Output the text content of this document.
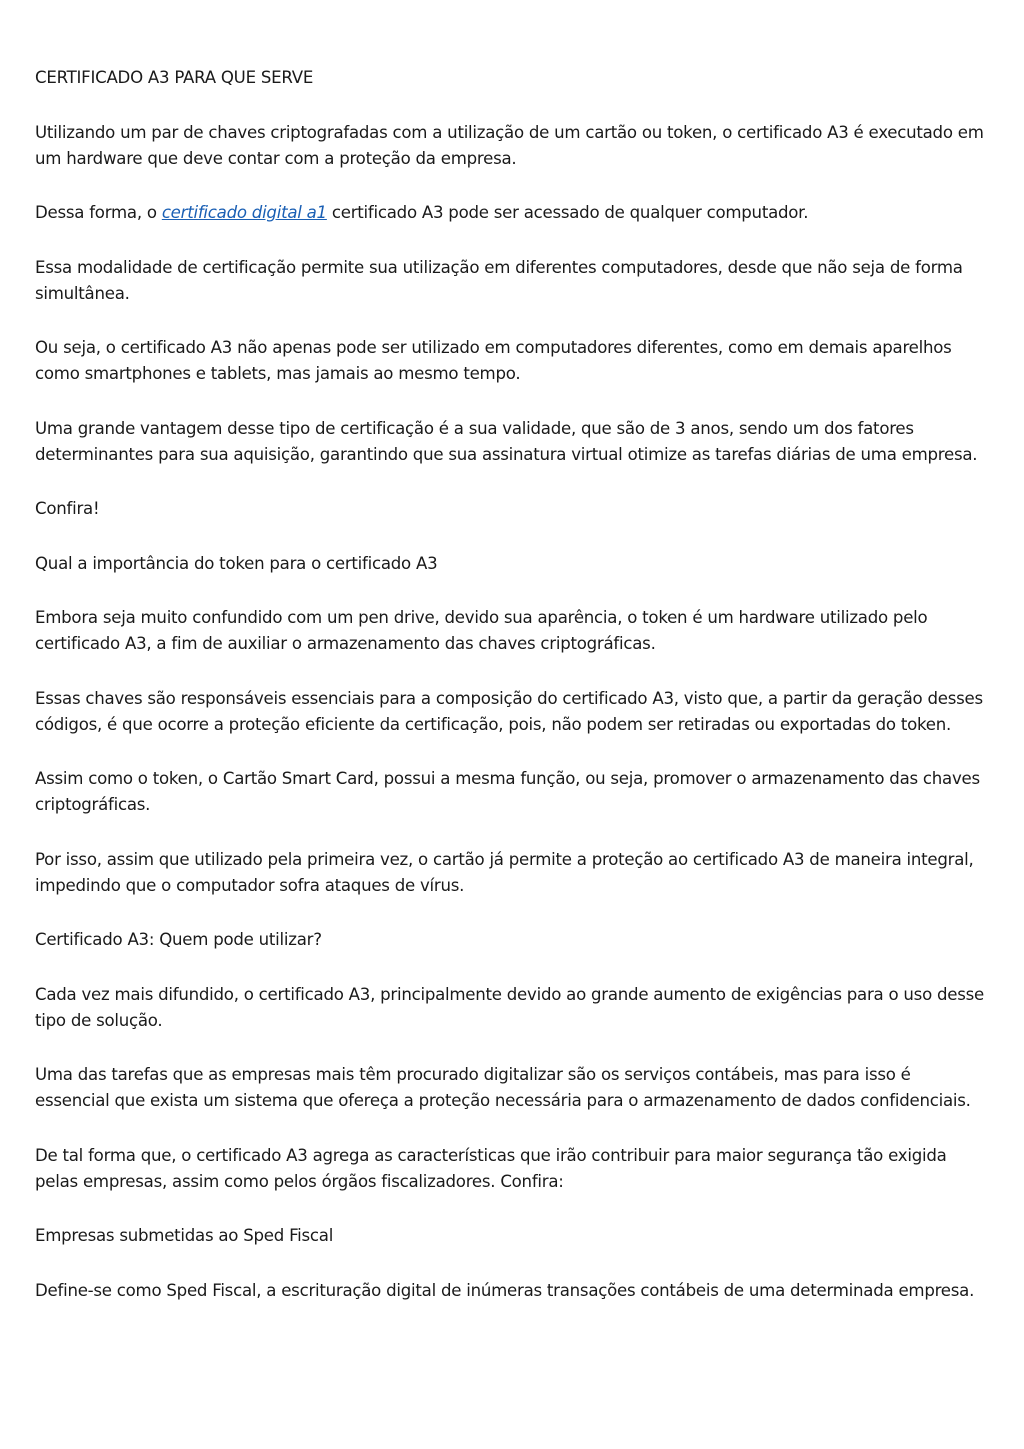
CERTIFICADO A3 PARA QUE SERVE

Utilizando um par de chaves criptografadas com a utilização de um cartão ou token, o certificado A3 é executado em um hardware que deve contar com a proteção da empresa.

Dessa forma, o certificado digital a1 certificado A3 pode ser acessado de qualquer computador.

Essa modalidade de certificação permite sua utilização em diferentes computadores, desde que não seja de forma simultânea.

Ou seja, o certificado A3 não apenas pode ser utilizado em computadores diferentes, como em demais aparelhos como smartphones e tablets, mas jamais ao mesmo tempo.

Uma grande vantagem desse tipo de certificação é a sua validade, que são de 3 anos, sendo um dos fatores determinantes para sua aquisição, garantindo que sua assinatura virtual otimize as tarefas diárias de uma empresa.

Confira!

Qual a importância do token para o certificado A3

Embora seja muito confundido com um pen drive, devido sua aparência, o token é um hardware utilizado pelo certificado A3, a fim de auxiliar o armazenamento das chaves criptográficas.

Essas chaves são responsáveis essenciais para a composição do certificado A3, visto que, a partir da geração desses códigos, é que ocorre a proteção eficiente da certificação, pois, não podem ser retiradas ou exportadas do token.

Assim como o token, o Cartão Smart Card, possui a mesma função, ou seja, promover o armazenamento das chaves criptográficas.

Por isso, assim que utilizado pela primeira vez, o cartão já permite a proteção ao certificado A3 de maneira integral, impedindo que o computador sofra ataques de vírus.

Certificado A3: Quem pode utilizar?

Cada vez mais difundido, o certificado A3, principalmente devido ao grande aumento de exigências para o uso desse tipo de solução.

Uma das tarefas que as empresas mais têm procurado digitalizar são os serviços contábeis, mas para isso é essencial que exista um sistema que ofereça a proteção necessária para o armazenamento de dados confidenciais.

De tal forma que, o certificado A3 agrega as características que irão contribuir para maior segurança tão exigida pelas empresas, assim como pelos órgãos fiscalizadores. Confira:

Empresas submetidas ao Sped Fiscal

Define-se como Sped Fiscal, a escrituração digital de inúmeras transações contábeis de uma determinada empresa.
